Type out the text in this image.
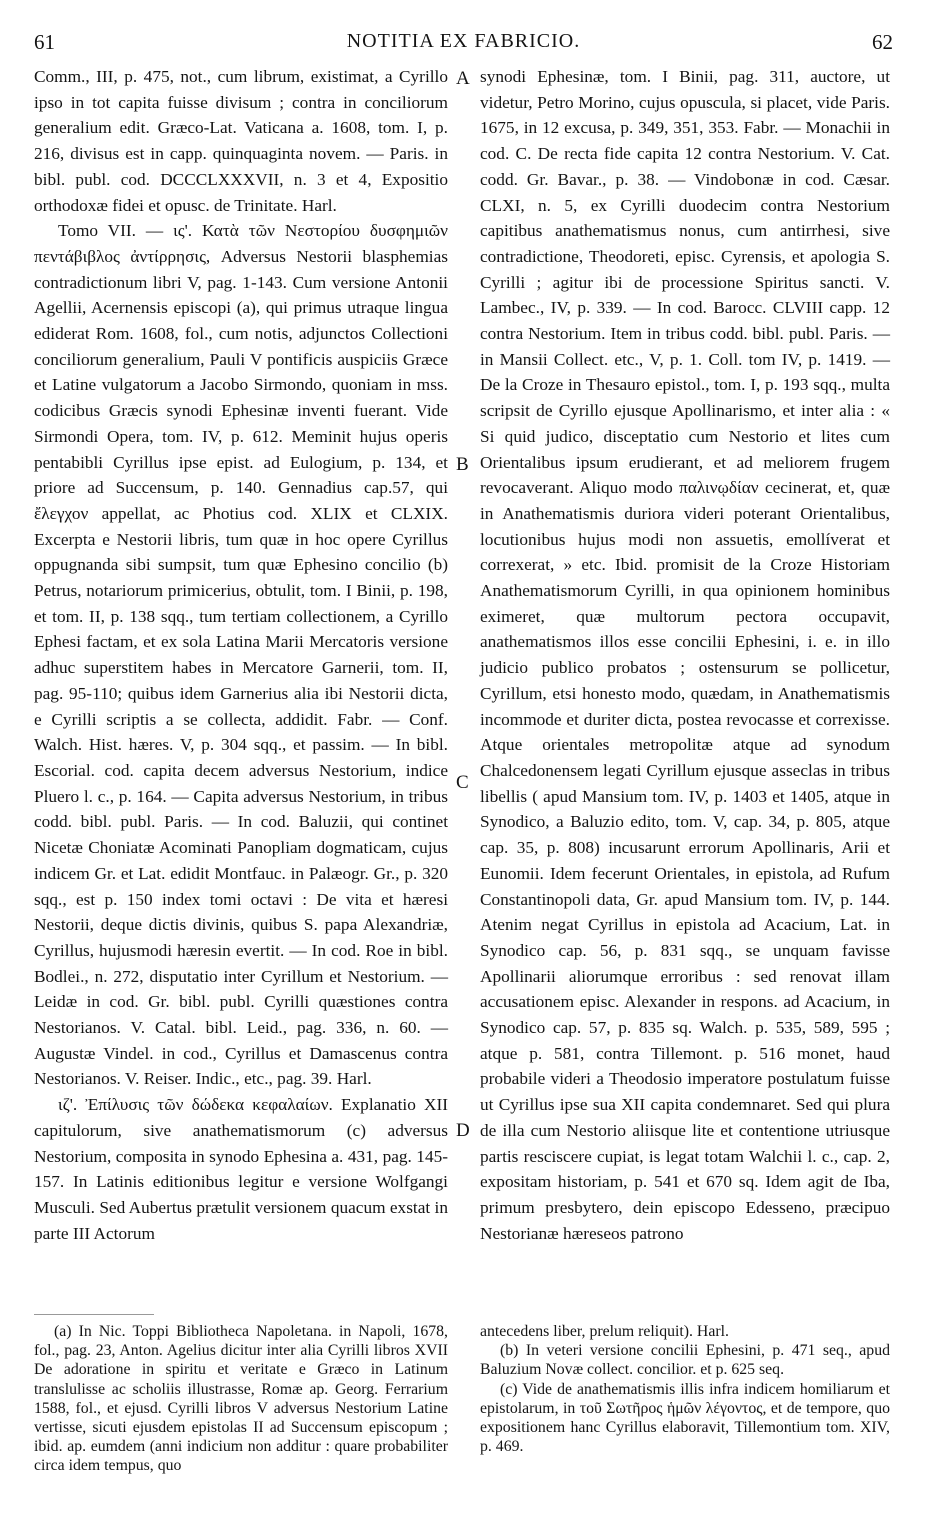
61	NOTITIA EX FABRICIO.	62

Comm., III, p. 475, not., cum librum, existimat, a Cyrillo ipso in tot capita fuisse divisum ; contra in conciliorum generalium edit. Græco-Lat. Vaticana a. 1608, tom. I, p. 216, divisus est in capp. quinquaginta novem. — Paris. in bibl. publ. cod. DCCCLXXXVII, n. 3 et 4, Expositio orthodoxæ fidei et opusc. de Trinitate. Harl.

Tomo VII. — ις'. Κατὰ τῶν Νεστορίου δυσφημιῶν πεντάβιβλος ἀντίρρησις, Adversus Nestorii blasphemias contradictionum libri V, pag. 1-143. Cum versione Antonii Agellii, Acernensis episcopi (a), qui primus utraque lingua ediderat Rom. 1608, fol., cum notis, adjunctos Collectioni conciliorum generalium, Pauli V pontificis auspiciis Græce et Latine vulgatorum a Jacobo Sirmondo, quoniam in mss. codicibus Græcis synodi Ephesinæ inventi fuerant. Vide Sirmondi Opera, tom. IV, p. 612. Meminit hujus operis pentabibli Cyrillus ipse epist. ad Eulogium, p. 134, et priore ad Succensum, p. 140. Gennadius cap.57, qui ἔλεγχον appellat, ac Photius cod. XLIX et CLXIX. Excerpta e Nestorii libris, tum quæ in hoc opere Cyrillus oppugnanda sibi sumpsit, tum quæ Ephesino concilio (b) Petrus, notariorum primicerius, obtulit, tom. I Binii, p. 198, et tom. II, p. 138 sqq., tum tertiam collectionem, a Cyrillo Ephesi factam, et ex sola Latina Marii Mercatoris versione adhuc superstitem habes in Mercatore Garnerii, tom. II, pag. 95-110; quibus idem Garnerius alia ibi Nestorii dicta, e Cyrilli scriptis a se collecta, addidit. Fabr. — Conf. Walch. Hist. hæres. V, p. 304 sqq., et passim. — In bibl. Escorial. cod. capita decem adversus Nestorium, indice Pluero l. c., p. 164. — Capita adversus Nestorium, in tribus codd. bibl. publ. Paris. — In cod. Baluzii, qui continet Nicetæ Choniatæ Acominati Panopliam dogmaticam, cujus indicem Gr. et Lat. edidit Montfauc. in Palæogr. Gr., p. 320 sqq., est p. 150 index tomi octavi : De vita et hæresi Nestorii, deque dictis divinis, quibus S. papa Alexandriæ, Cyrillus, hujusmodi hæresin evertit. — In cod. Roe in bibl. Bodlei., n. 272, disputatio inter Cyrillum et Nestorium. — Leidæ in cod. Gr. bibl. publ. Cyrilli quæstiones contra Nestorianos. V. Catal. bibl. Leid., pag. 336, n. 60. — Augustæ Vindel. in cod., Cyrillus et Damascenus contra Nestorianos. V. Reiser. Indic., etc., pag. 39. Harl.

ιζ'. Ἐπίλυσις τῶν δώδεκα κεφαλαίων. Explanatio XII capitulorum, sive anathematismorum (c) adversus Nestorium, composita in synodo Ephesina a. 431, pag. 145-157. In Latinis editionibus legitur e versione Wolfgangi Musculi. Sed Aubertus prætulit versionem quacum exstat in parte III Actorum

synodi Ephesinæ, tom. I Binii, pag. 311, auctore, ut videtur, Petro Morino, cujus opuscula, si placet, vide Paris. 1675, in 12 excusa, p. 349, 351, 353. Fabr. — Monachii in cod. C. De recta fide capita 12 contra Nestorium. V. Cat. codd. Gr. Bavar., p. 38. — Vindobonæ in cod. Cæsar. CLXI, n. 5, ex Cyrilli duodecim contra Nestorium capitibus anathematismus nonus, cum antirrhesi, sive contradictione, Theodoreti, episc. Cyrensis, et apologia S. Cyrilli ; agitur ibi de processione Spiritus sancti. V. Lambec., IV, p. 339. — In cod. Barocc. CLVIII capp. 12 contra Nestorium. Item in tribus codd. bibl. publ. Paris. — in Mansii Collect. etc., V, p. 1. Coll. tom IV, p. 1419. — De la Croze in Thesauro epistol., tom. I, p. 193 sqq., multa scripsit de Cyrillo ejusque Apollinarismo, et inter alia : « Si quid judico, disceptatio cum Nestorio et lites cum Orientalibus ipsum erudierant, et ad meliorem frugem revocaverant. Aliquo modo παλινῳδίαν cecinerat, et, quæ in Anathematismis duriora videri poterant Orientalibus, locutionibus hujus modi non assuetis, emollíverat et correxerat, » etc. Ibid. promisit de la Croze Historiam Anathematismorum Cyrilli, in qua opinionem hominibus eximeret, quæ multorum pectora occupavit, anathematismos illos esse concilii Ephesini, i. e. in illo judicio publico probatos ; ostensurum se pollicetur, Cyrillum, etsi honesto modo, quædam, in Anathematismis incommode et duriter dicta, postea revocasse et correxisse. Atque orientales metropolitæ atque ad synodum Chalcedonensem legati Cyrillum ejusque asseclas in tribus libellis ( apud Mansium tom. IV, p. 1403 et 1405, atque in Synodico, a Baluzio edito, tom. V, cap. 34, p. 805, atque cap. 35, p. 808) incusarunt errorum Apollinaris, Arii et Eunomii. Idem fecerunt Orientales, in epistola, ad Rufum Constantinopoli data, Gr. apud Mansium tom. IV, p. 144. Atenim negat Cyrillus in epistola ad Acacium, Lat. in Synodico cap. 56, p. 831 sqq., se unquam favisse Apollinarii aliorumque erroribus : sed renovat illam accusationem episc. Alexander in respons. ad Acacium, in Synodico cap. 57, p. 835 sq. Walch. p. 535, 589, 595 ; atque p. 581, contra Tillemont. p. 516 monet, haud probabile videri a Theodosio imperatore postulatum fuisse ut Cyrillus ipse sua XII capita condemnaret. Sed qui plura de illa cum Nestorio aliisque lite et contentione utriusque partis resciscere cupiat, is legat totam Walchii l. c., cap. 2, expositam historiam, p. 541 et 670 sq. Idem agit de Iba, primum presbytero, dein episcopo Edesseno, præcipuo Nestorianæ hæreseos patrono

A
B
C
D

(a) In Nic. Toppi Bibliotheca Napoletana. in Napoli, 1678, fol., pag. 23, Anton. Agelius dicitur inter alia Cyrilli libros XVII De adoratione in spiritu et veritate e Græco in Latinum translulisse ac scholiis illustrasse, Romæ ap. Georg. Ferrarium 1588, fol., et ejusd. Cyrilli libros V adversus Nestorium Latine vertisse, sicuti ejusdem epistolas II ad Succensum episcopum ; ibid. ap. eumdem (anni indicium non additur : quare probabiliter circa idem tempus, quo

antecedens liber, prelum reliquit). Harl.

(b) In veteri versione concilii Ephesini, p. 471 seq., apud Baluzium Novæ collect. concilior. et p. 625 seq.

(c) Vide de anathematismis illis infra indicem homiliarum et epistolarum, in τοῦ Σωτῆρος ἡμῶν λέγοντος, et de tempore, quo expositionem hanc Cyrillus elaboravit, Tillemontium tom. XIV, p. 469.
